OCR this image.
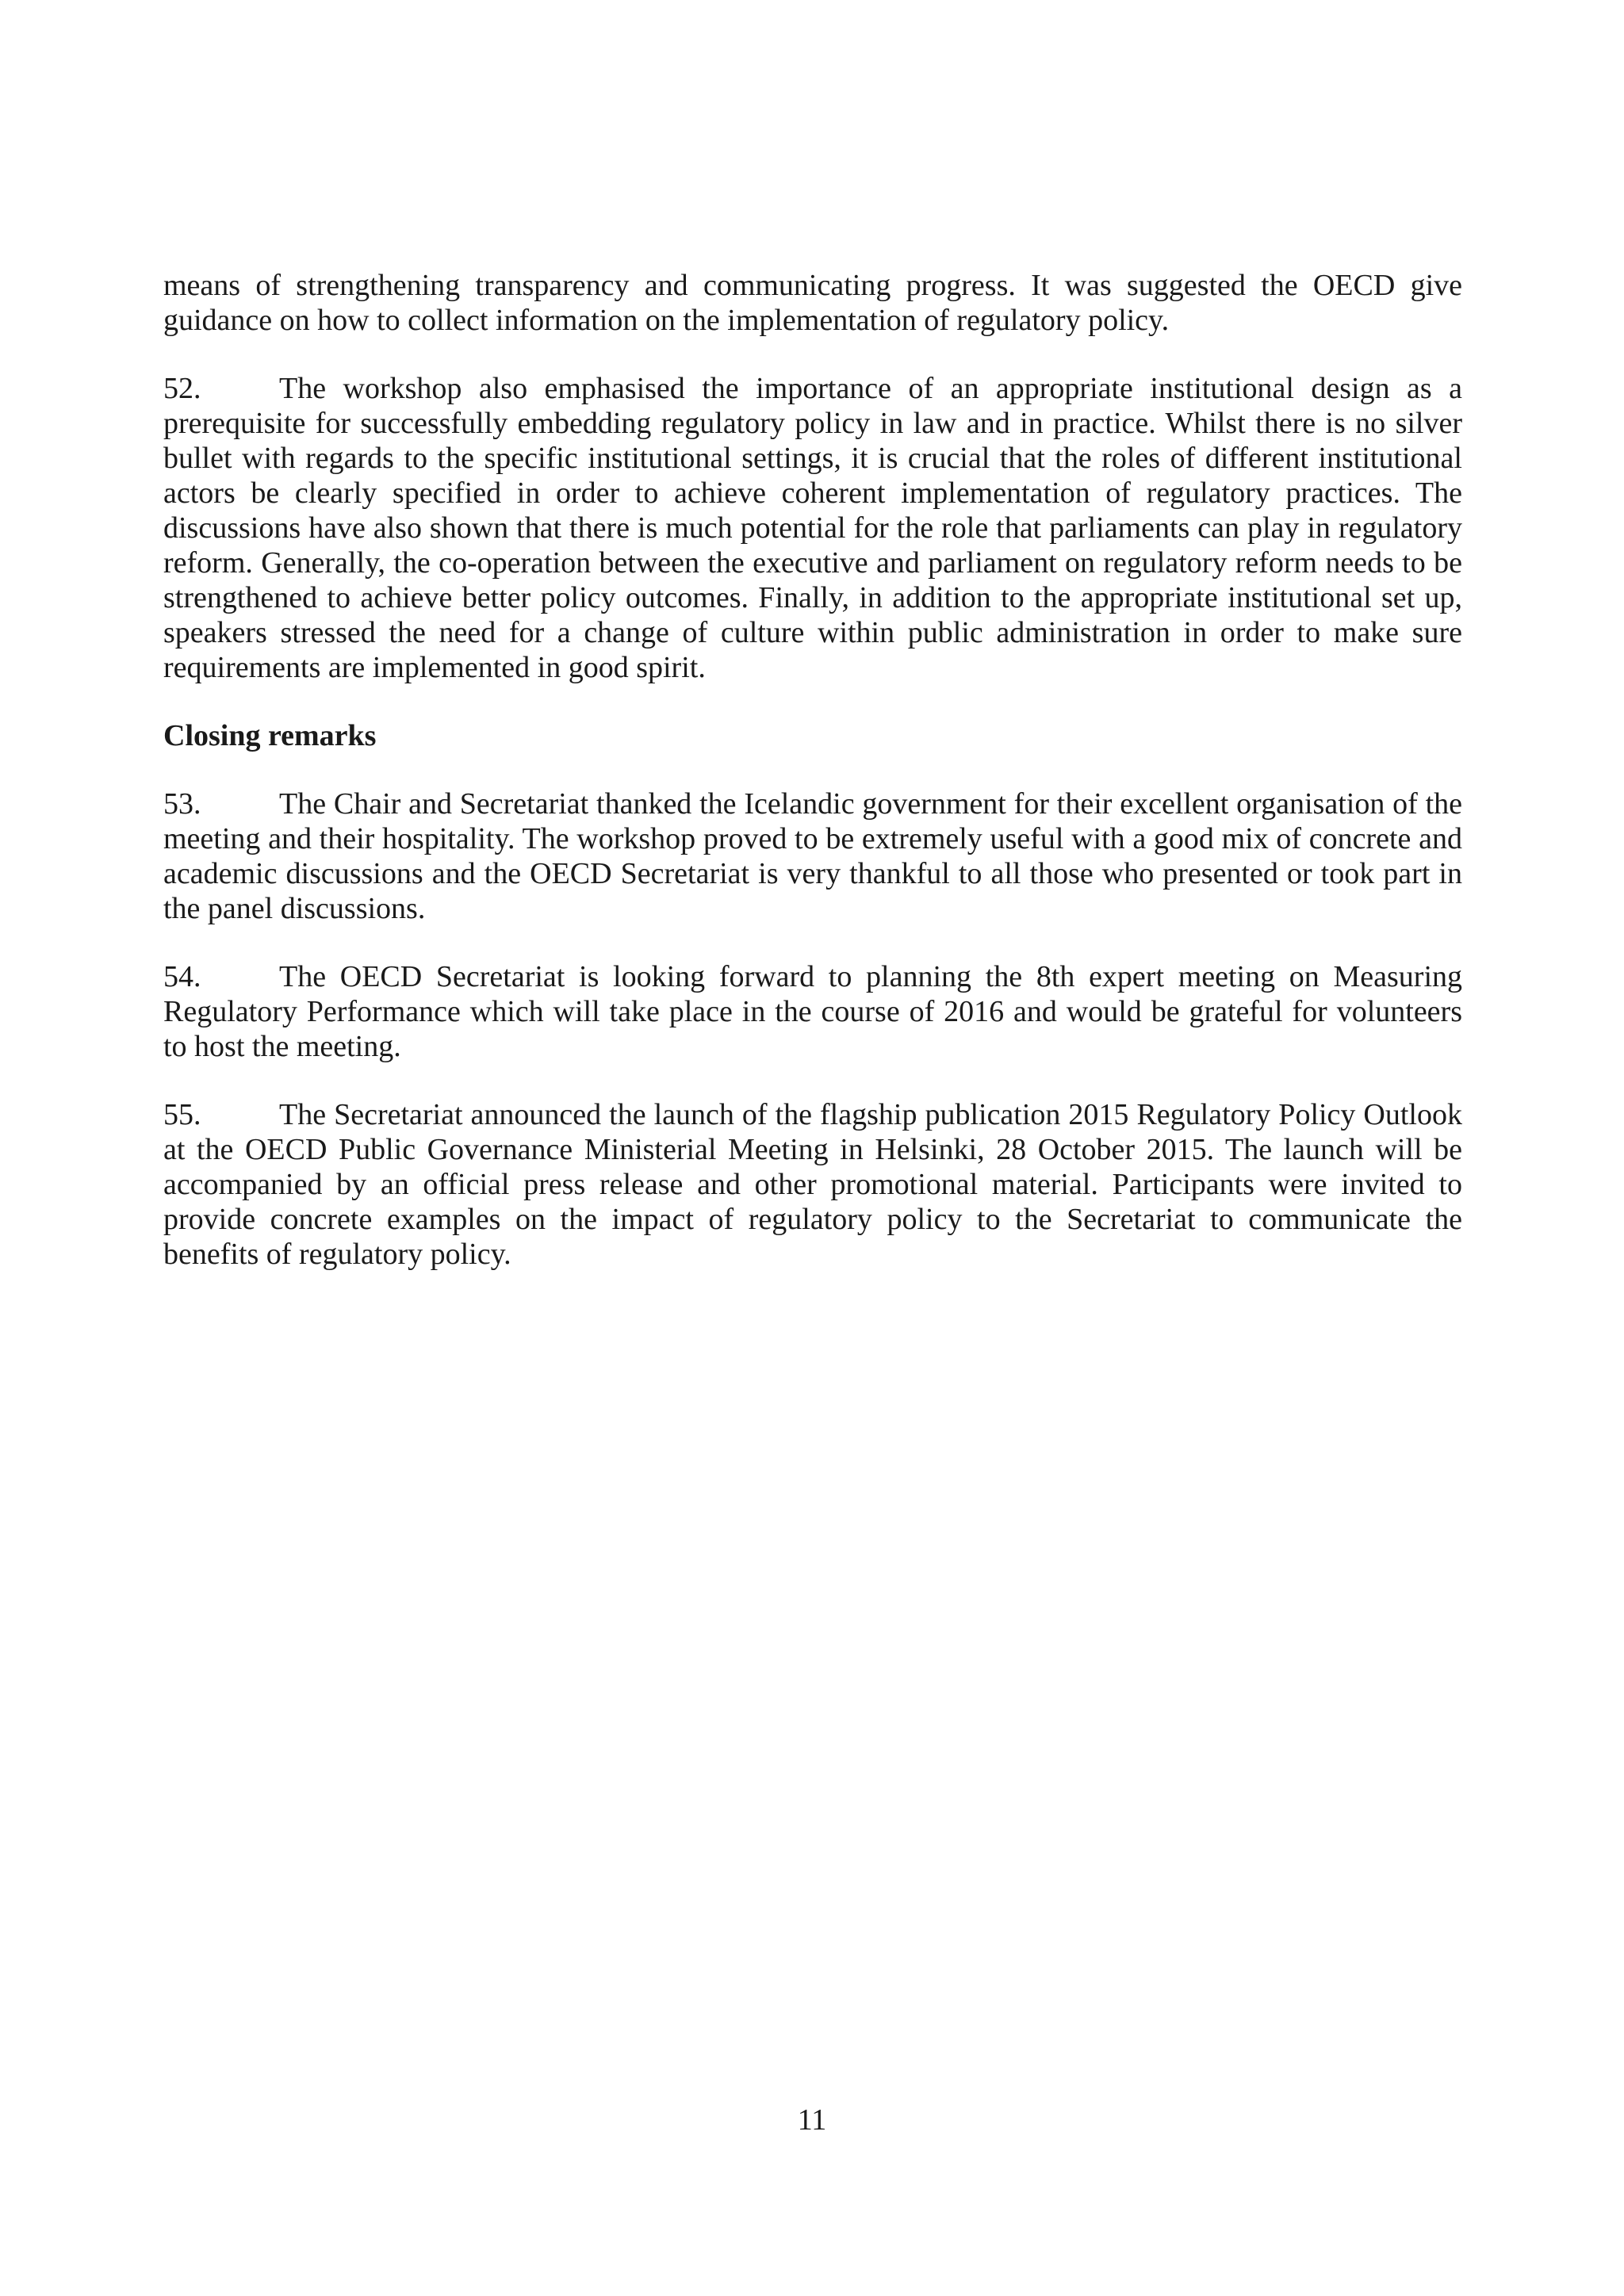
means of strengthening transparency and communicating progress. It was suggested the OECD give guidance on how to collect information on the implementation of regulatory policy.

52.	The workshop also emphasised the importance of an appropriate institutional design as a prerequisite for successfully embedding regulatory policy in law and in practice. Whilst there is no silver bullet with regards to the specific institutional settings, it is crucial that the roles of different institutional actors be clearly specified in order to achieve coherent implementation of regulatory practices. The discussions have also shown that there is much potential for the role that parliaments can play in regulatory reform. Generally, the co-operation between the executive and parliament on regulatory reform needs to be strengthened to achieve better policy outcomes. Finally, in addition to the appropriate institutional set up, speakers stressed the need for a change of culture within public administration in order to make sure requirements are implemented in good spirit.

Closing remarks

53.	The Chair and Secretariat thanked the Icelandic government for their excellent organisation of the meeting and their hospitality. The workshop proved to be extremely useful with a good mix of concrete and academic discussions and the OECD Secretariat is very thankful to all those who presented or took part in the panel discussions.

54.	The OECD Secretariat is looking forward to planning the 8th expert meeting on Measuring Regulatory Performance which will take place in the course of 2016 and would be grateful for volunteers to host the meeting.

55.	The Secretariat announced the launch of the flagship publication 2015 Regulatory Policy Outlook at the OECD Public Governance Ministerial Meeting in Helsinki, 28 October 2015. The launch will be accompanied by an official press release and other promotional material. Participants were invited to provide concrete examples on the impact of regulatory policy to the Secretariat to communicate the benefits of regulatory policy.

11
